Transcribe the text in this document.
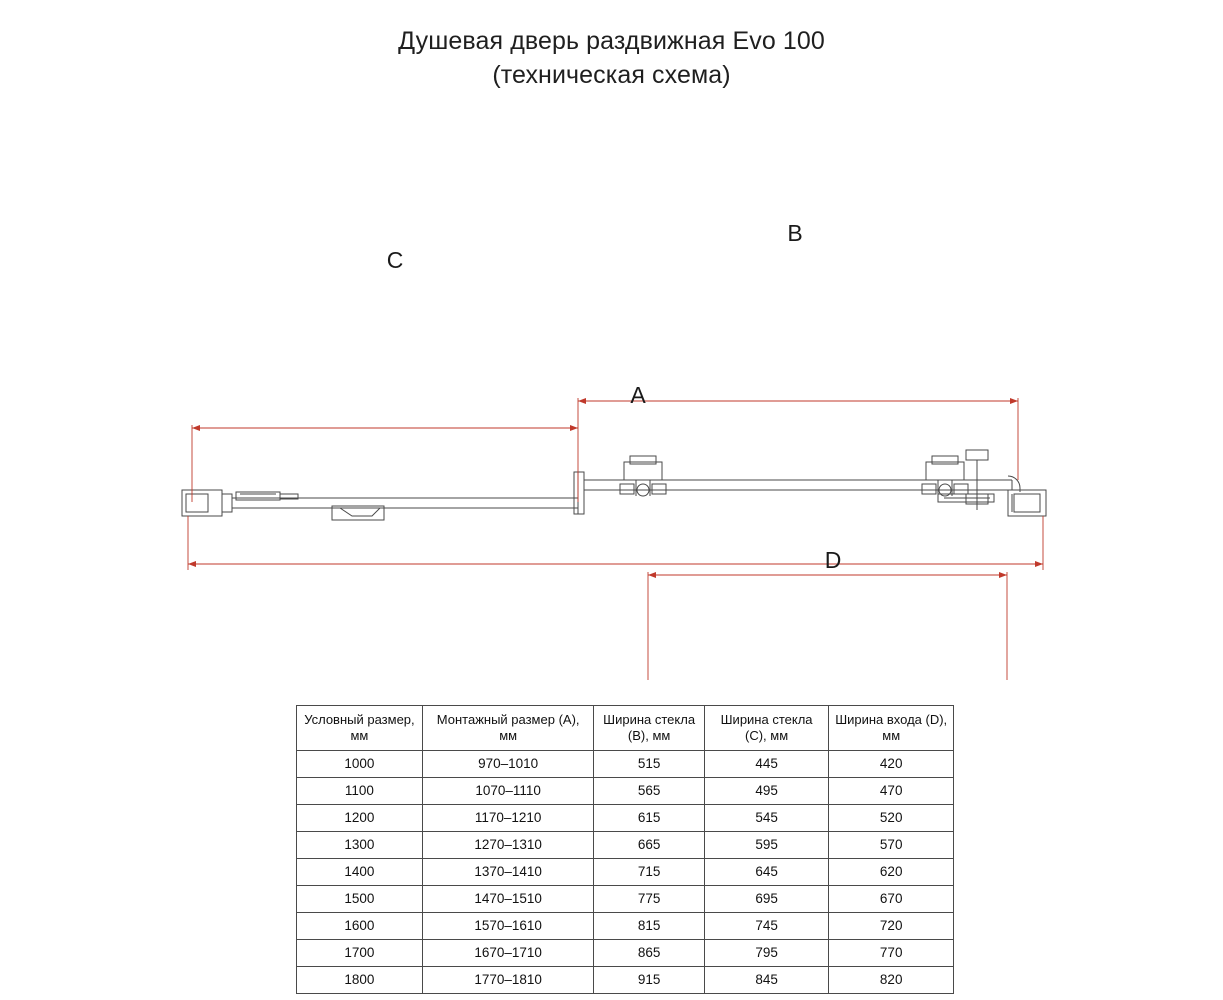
Душевая дверь раздвижная Evo 100
(техническая схема)
C
B
A
D
Условный размер, мм	Монтажный размер (A), мм	Ширина стекла (B), мм	Ширина стекла (C), мм	Ширина входа (D), мм
1000	970–1010	515	445	420
1100	1070–1110	565	495	470
1200	1170–1210	615	545	520
1300	1270–1310	665	595	570
1400	1370–1410	715	645	620
1500	1470–1510	775	695	670
1600	1570–1610	815	745	720
1700	1670–1710	865	795	770
1800	1770–1810	915	845	820
